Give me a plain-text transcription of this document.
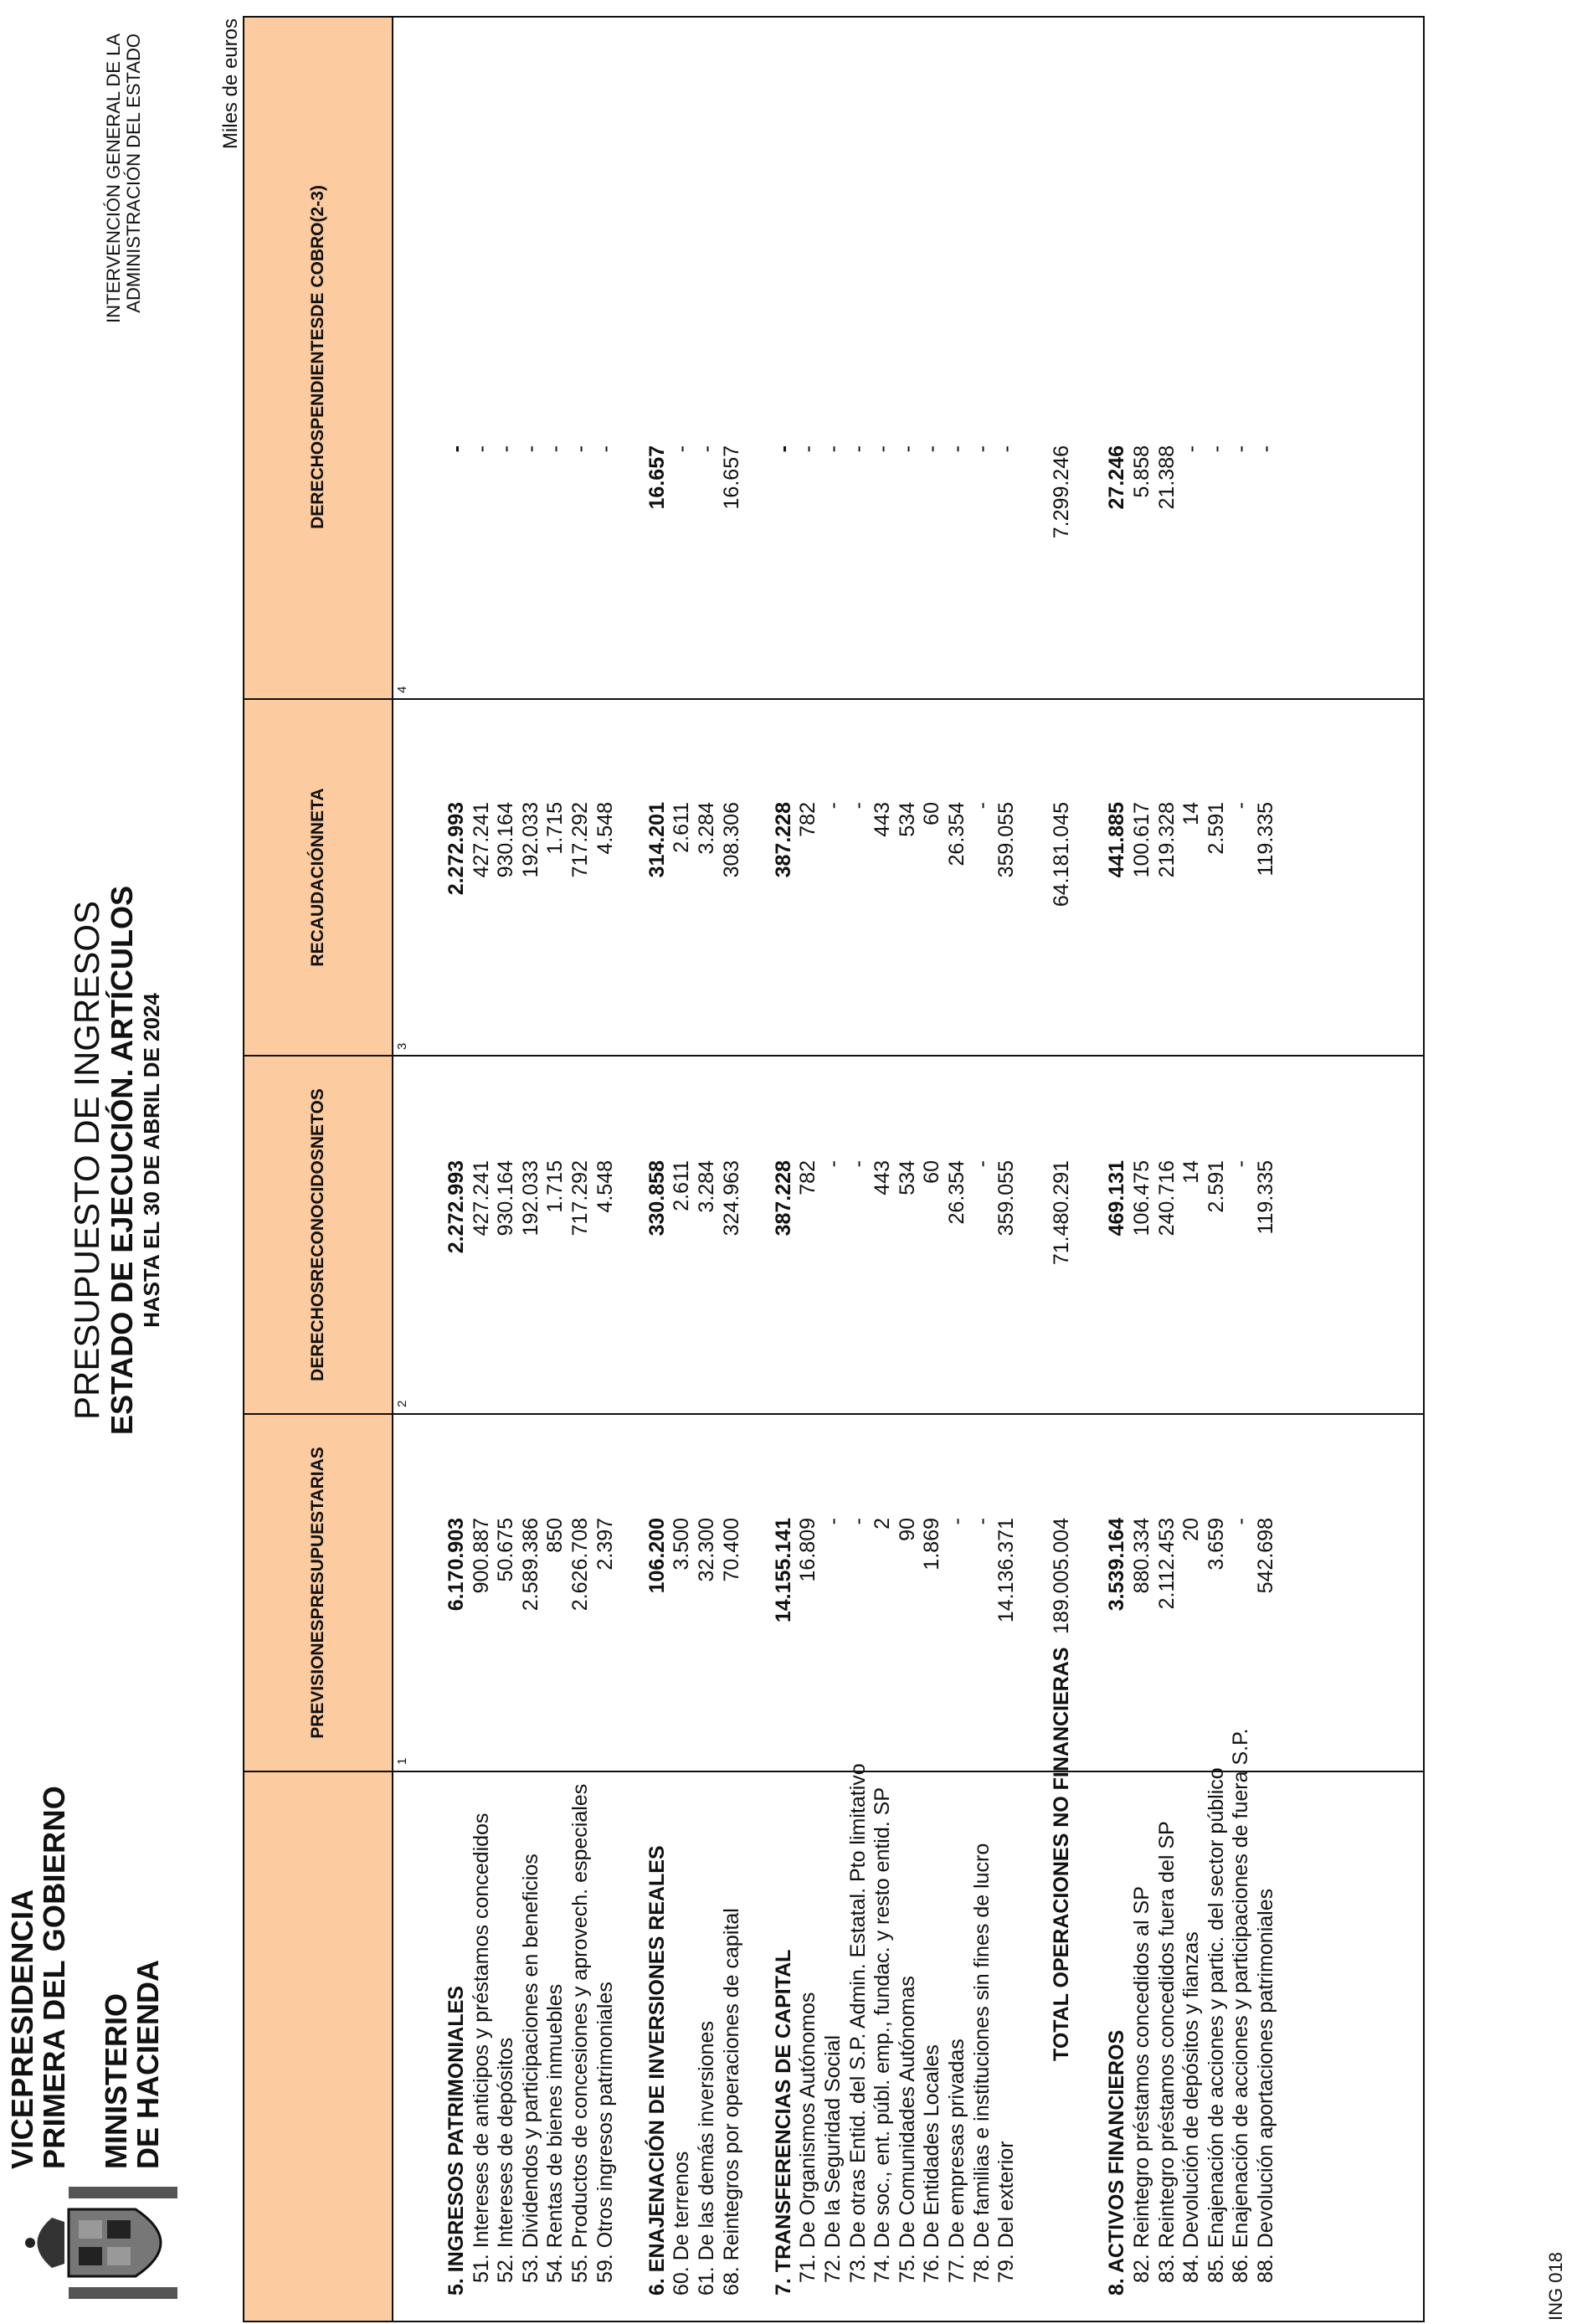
VICEPRESIDENCIA
PRIMERA DEL GOBIERNO MINISTERIO
DE HACIENDA
PRESUPUESTO DE INGRESOS
ESTADO DE EJECUCIÓN. ARTÍCULOS HASTA EL 30 DE ABRIL DE 2024
INTERVENCIÓN GENERAL DE LA ADMINISTRACIÓN DEL ESTADO	Miles de euros
PREVISIONES
PRESUPUESTARIAS
DERECHOS
RECONOCIDOS
NETOS
RECAUDACIÓN
NETA
DERECHOS
PENDIENTES
DE COBRO
(2-3)
1
2
3
4
5. INGRESOS PATRIMONIALES
6.170.903
2.272.993
2.272.993
-
51. Intereses de anticipos y préstamos concedidos
900.887
427.241
427.241
-
52. Intereses de depósitos
50.675
930.164
930.164
-
53. Dividendos y participaciones en beneficios
2.589.386
192.033
192.033
-
54. Rentas de bienes inmuebles
850
1.715
1.715
-
55. Productos de concesiones y aprovech. especiales
2.626.708
717.292
717.292
-
59. Otros ingresos patrimoniales
2.397
4.548
4.548
-
6. ENAJENACIÓN DE INVERSIONES REALES
106.200
330.858
314.201
16.657
60. De terrenos
3.500
2.611
2.611
-
61. De las demás inversiones
32.300
3.284
3.284
-
68. Reintegros por operaciones de capital
70.400
324.963
308.306
16.657
7. TRANSFERENCIAS DE CAPITAL
14.155.141
387.228
387.228
-
71. De Organismos Autónomos
16.809
782
782
-
72. De la Seguridad Social
-
-
-
-
73. De otras Entid. del S.P. Admin. Estatal. Pto limitativo
-
-
-
-
74. De soc., ent. públ. emp., fundac. y resto entid. SP
2
443
443
-
75. De Comunidades Autónomas
90
534
534
-
76. De Entidades Locales
1.869
60
60
-
77. De empresas privadas
-
26.354
26.354
-
78. De familias e instituciones sin fines de lucro
-
-
-
-
79. Del exterior
14.136.371
359.055
359.055
-
TOTAL OPERACIONES NO FINANCIERAS
189.005.004
71.480.291
64.181.045
7.299.246
8. ACTIVOS FINANCIEROS
3.539.164
469.131
441.885
27.246
82. Reintegro préstamos concedidos al SP
880.334
106.475
100.617
5.858
83. Reintegro préstamos concedidos fuera del SP
2.112.453
240.716
219.328
21.388
84. Devolución de depósitos y fianzas
20
14
14
-
85. Enajenación de acciones y partic. del sector público
3.659
2.591
2.591
-
86. Enajenación de acciones y participaciones de fuera S.P.
-
-
-
-
88. Devolución aportaciones patrimoniales
542.698
119.335
119.335
-
ING 018
